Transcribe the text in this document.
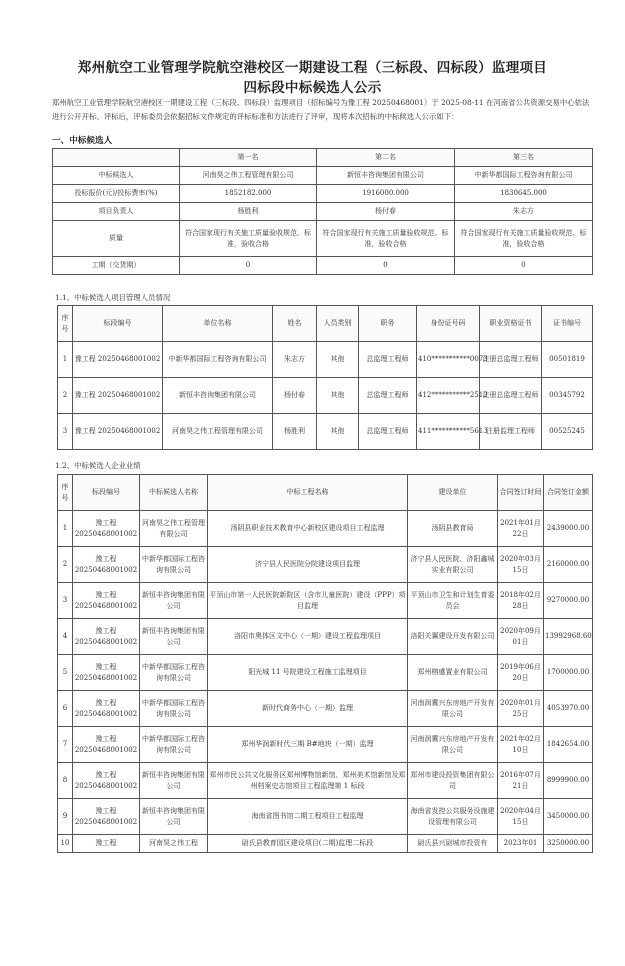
郑州航空工业管理学院航空港校区一期建设工程（三标段、四标段）监理项目
四标段中标候选人公示
郑州航空工业管理学院航空港校区一期建设工程（三标段、四标段）监理项目（招标编号为豫工程 20250468001）于 2025-08-11 在河南省公共资源交易中心依法进行公开开标、评标后，评标委员会依据招标文件规定的评标标准和方法进行了评审，现将本次招标的中标候选人公示如下：
一、中标候选人
	第一名	第二名	第三名
中标候选人	河南昊之伟工程管理有限公司	新恒丰咨询集团有限公司	中新华都国际工程咨询有限公司
投标报价(元)/投标费率(%)	1852182.000	1916000.000	1830645.000
项目负责人	杨胜利	杨付春	朱志方
质量	符合国家现行有关施工质量验收规范、标准，验收合格	符合国家现行有关施工质量验收规范、标准，验收合格	符合国家现行有关施工质量验收规范、标准，验收合格
工期（交货期）	0	0	0
1.1、中标候选人项目管理人员情况
序号	标段编号	单位名称	姓名	人员类别	职务	身份证号码	职业资格证书	证书编号
1	豫工程 20250468001002	中新华都国际工程咨询有限公司	朱志方	其他	总监理工程师	410***********0073	注册总监理工程师	00501819
2	豫工程 20250468001002	新恒丰咨询集团有限公司	杨付春	其他	总监理工程师	412***********2512	注册总监理工程师	00345792
3	豫工程 20250468001002	河南昊之伟工程管理有限公司	杨胜利	其他	总监理工程师	411***********5613	注册监理工程师	00525245
1.2、中标候选人企业业绩
序号	标段编号	中标候选人名称	中标工程名称	建设单位	合同签订时间	合同签订金额
1	豫工程 20250468001002	河南昊之伟工程管理有限公司	汤阴县职业技术教育中心新校区建设项目工程监理	汤阴县教育局	2021年01月22日	2439000.00
2	豫工程 20250468001002	中新华都国际工程咨询有限公司	济宁县人民医院分院建设项目监理	济宁县人民医院、济阳鑫城实业有限公司	2020年03月15日	2160000.00
3	豫工程 20250468001002	新恒丰咨询集团有限公司	平顶山市第一人民医院新院区（含市儿童医院）建设（PPP）项目监理	平顶山市卫生和计划生育委员会	2018年02月28日	9270000.00
4	豫工程 20250468001002	新恒丰咨询集团有限公司	洛阳市奥体区文中心（一期）建设工程监理项目	洛阳关翼建设开发有限公司	2020年09月01日	13992968.60
5	豫工程 20250468001002	中新华都国际工程咨询有限公司	阳光城 11 号院建设工程施工监理项目	郑州榕盛置业有限公司	2019年06月20日	1700000.00
6	豫工程 20250468001002	中新华都国际工程咨询有限公司	新时代商务中心（一期）监理	河南润冀兴东房地产开发有限公司	2020年01月25日	4053970.00
7	豫工程 20250468001002	中新华都国际工程咨询有限公司	郑州华润新时代三期 B#地块（一期）监理	河南润冀兴东房地产开发有限公司	2021年02月10日	1842654.00
8	豫工程 20250468001002	新恒丰咨询集团有限公司	郑州市民公共文化服务区郑州博物馆新馆、郑州美术馆新馆及郑州档案史志馆项目工程监理第 1 标段	郑州市建设投资集团有限公司	2016年07月21日	8999900.00
9	豫工程 20250468001002	新恒丰咨询集团有限公司	海南省图书馆二期工程项目工程监理	海南省发控公共服务设施建设管理有限公司	2020年04月15日	3450000.00
10	豫工程	河南昊之伟工程	尉氏县教育园区建设项目(二期)监理二标段	尉氏县兴尉城市投资有	2023年01	3250000.00
